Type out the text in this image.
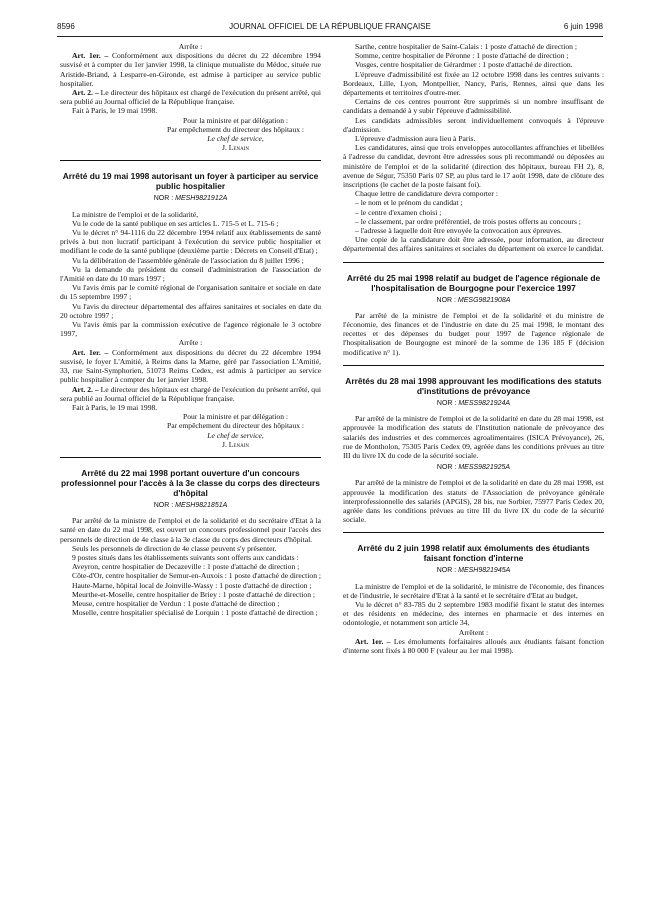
8596	JOURNAL OFFICIEL DE LA RÉPUBLIQUE FRANÇAISE	6 juin 1998

Arrête :

Art. 1er. – Conformément aux dispositions du décret du 22 décembre 1994 susvisé et à compter du 1er janvier 1998, la clinique mutualiste du Médoc, située rue Aristide-Briand, à Lesparre-en-Gironde, est admise à participer au service public hospitalier.

Art. 2. – Le directeur des hôpitaux est chargé de l'exécution du présent arrêté, qui sera publié au Journal officiel de la République française.

Fait à Paris, le 19 mai 1998.

Pour la ministre et par délégation :

Par empêchement du directeur des hôpitaux :

Le chef de service,

J. Lenain

Arrêté du 19 mai 1998 autorisant un foyer à participer au service public hospitalier

NOR : MESH9821912A

La ministre de l'emploi et de la solidarité,

Vu le code de la santé publique en ses articles L. 715-5 et L. 715-6 ;

Vu le décret n° 94-1116 du 22 décembre 1994 relatif aux établissements de santé privés à but non lucratif participant à l'exécution du service public hospitalier et modifiant le code de la santé publique (deuxième partie : Décrets en Conseil d'Etat) ;

Vu la délibération de l'assemblée générale de l'association du 8 juillet 1996 ;

Vu la demande du président du conseil d'administration de l'association de l'Amitié en date du 10 mars 1997 ;

Vu l'avis émis par le comité régional de l'organisation sanitaire et sociale en date du 15 septembre 1997 ;

Vu l'avis du directeur départemental des affaires sanitaires et sociales en date du 20 octobre 1997 ;

Vu l'avis émis par la commission exécutive de l'agence régionale le 3 octobre 1997,

Arrête :

Art. 1er. – Conformément aux dispositions du décret du 22 décembre 1994 susvisé, le foyer L'Amitié, à Reims dans la Marne, géré par l'association L'Amitié, 33, rue Saint-Symphorien, 51073 Reims Cedex, est admis à participer au service public hospitalier à compter du 1er janvier 1998.

Art. 2. – Le directeur des hôpitaux est chargé de l'exécution du présent arrêté, qui sera publié au Journal officiel de la République française.

Fait à Paris, le 19 mai 1998.

Pour la ministre et par délégation :

Par empêchement du directeur des hôpitaux :

Le chef de service,

J. Lenain

Arrêté du 22 mai 1998 portant ouverture d'un concours professionnel pour l'accès à la 3e classe du corps des directeurs d'hôpital

NOR : MESH9821851A

Par arrêté de la ministre de l'emploi et de la solidarité et du secrétaire d'Etat à la santé en date du 22 mai 1998, est ouvert un concours professionnel pour l'accès des personnels de direction de 4e classe à la 3e classe du corps des directeurs d'hôpital.

Seuls les personnels de direction de 4e classe peuvent s'y présenter.

9 postes situés dans les établissements suivants sont offerts aux candidats :

Aveyron, centre hospitalier de Decazeville : 1 poste d'attaché de direction ;

Côte-d'Or, centre hospitalier de Semur-en-Auxois : 1 poste d'attaché de direction ;

Haute-Marne, hôpital local de Joinville-Wassy : 1 poste d'attaché de direction ;

Meurthe-et-Moselle, centre hospitalier de Briey : 1 poste d'attaché de direction ;

Meuse, centre hospitalier de Verdun : 1 poste d'attaché de direction ;

Moselle, centre hospitalier spécialisé de Lorquin : 1 poste d'attaché de direction ;

Sarthe, centre hospitalier de Saint-Calais : 1 poste d'attaché de direction ;

Somme, centre hospitalier de Péronne : 1 poste d'attaché de direction ;

Vosges, centre hospitalier de Gérardmer : 1 poste d'attaché de direction.

L'épreuve d'admissibilité est fixée au 12 octobre 1998 dans les centres suivants : Bordeaux, Lille, Lyon, Montpellier, Nancy, Paris, Rennes, ainsi que dans les départements et territoires d'outre-mer.

Certains de ces centres pourront être supprimés si un nombre insuffisant de candidats a demandé à y subir l'épreuve d'admissibilité.

Les candidats admissibles seront individuellement convoqués à l'épreuve d'admission.

L'épreuve d'admission aura lieu à Paris.

Les candidatures, ainsi que trois enveloppes autocollantes affranchies et libellées à l'adresse du candidat, devront être adressées sous pli recommandé ou déposées au ministère de l'emploi et de la solidarité (direction des hôpitaux, bureau FH 2), 8, avenue de Ségur, 75350 Paris 07 SP, au plus tard le 17 août 1998, date de clôture des inscriptions (le cachet de la poste faisant foi).

Chaque lettre de candidature devra comporter :

– le nom et le prénom du candidat ;

– le centre d'examen choisi ;

– le classement, par ordre préférentiel, de trois postes offerts au concours ;

– l'adresse à laquelle doit être envoyée la convocation aux épreuves.

Une copie de la candidature doit être adressée, pour information, au directeur départemental des affaires sanitaires et sociales du département où exerce le candidat.

Arrêté du 25 mai 1998 relatif au budget de l'agence régionale de l'hospitalisation de Bourgogne pour l'exercice 1997

NOR : MESG9821908A

Par arrêté de la ministre de l'emploi et de la solidarité et du ministre de l'économie, des finances et de l'industrie en date du 25 mai 1998, le montant des recettes et des dépenses du budget pour 1997 de l'agence régionale de l'hospitalisation de Bourgogne est minoré de la somme de 136 185 F (décision modificative n° 1).

Arrêtés du 28 mai 1998 approuvant les modifications des statuts d'institutions de prévoyance

NOR : MESS9821924A

Par arrêté de la ministre de l'emploi et de la solidarité en date du 28 mai 1998, est approuvée la modification des statuts de l'Institution nationale de prévoyance des salariés des industries et des commerces agroalimentaires (ISICA Prévoyance), 26, rue de Montholon, 75305 Paris Cedex 09, agréée dans les conditions prévues au titre III du livre IX du code de la sécurité sociale.

NOR : MESS9821925A

Par arrêté de la ministre de l'emploi et de la solidarité en date du 28 mai 1998, est approuvée la modification des statuts de l'Association de prévoyance générale interprofessionnelle des salariés (APGIS), 28 bis, rue Sorbier, 75977 Paris Cedex 20, agréée dans les conditions prévues au titre III du livre IX du code de la sécurité sociale.

Arrêté du 2 juin 1998 relatif aux émoluments des étudiants faisant fonction d'interne

NOR : MESH9821945A

La ministre de l'emploi et de la solidarité, le ministre de l'économie, des finances et de l'industrie, le secrétaire d'Etat à la santé et le secrétaire d'Etat au budget,

Vu le décret n° 83-785 du 2 septembre 1983 modifié fixant le statut des internes et des résidents en médecine, des internes en pharmacie et des internes en odontologie, et notamment son article 34,

Arrêtent :

Art. 1er. – Les émoluments forfaitaires alloués aux étudiants faisant fonction d'interne sont fixés à 80 000 F (valeur au 1er mai 1998).
